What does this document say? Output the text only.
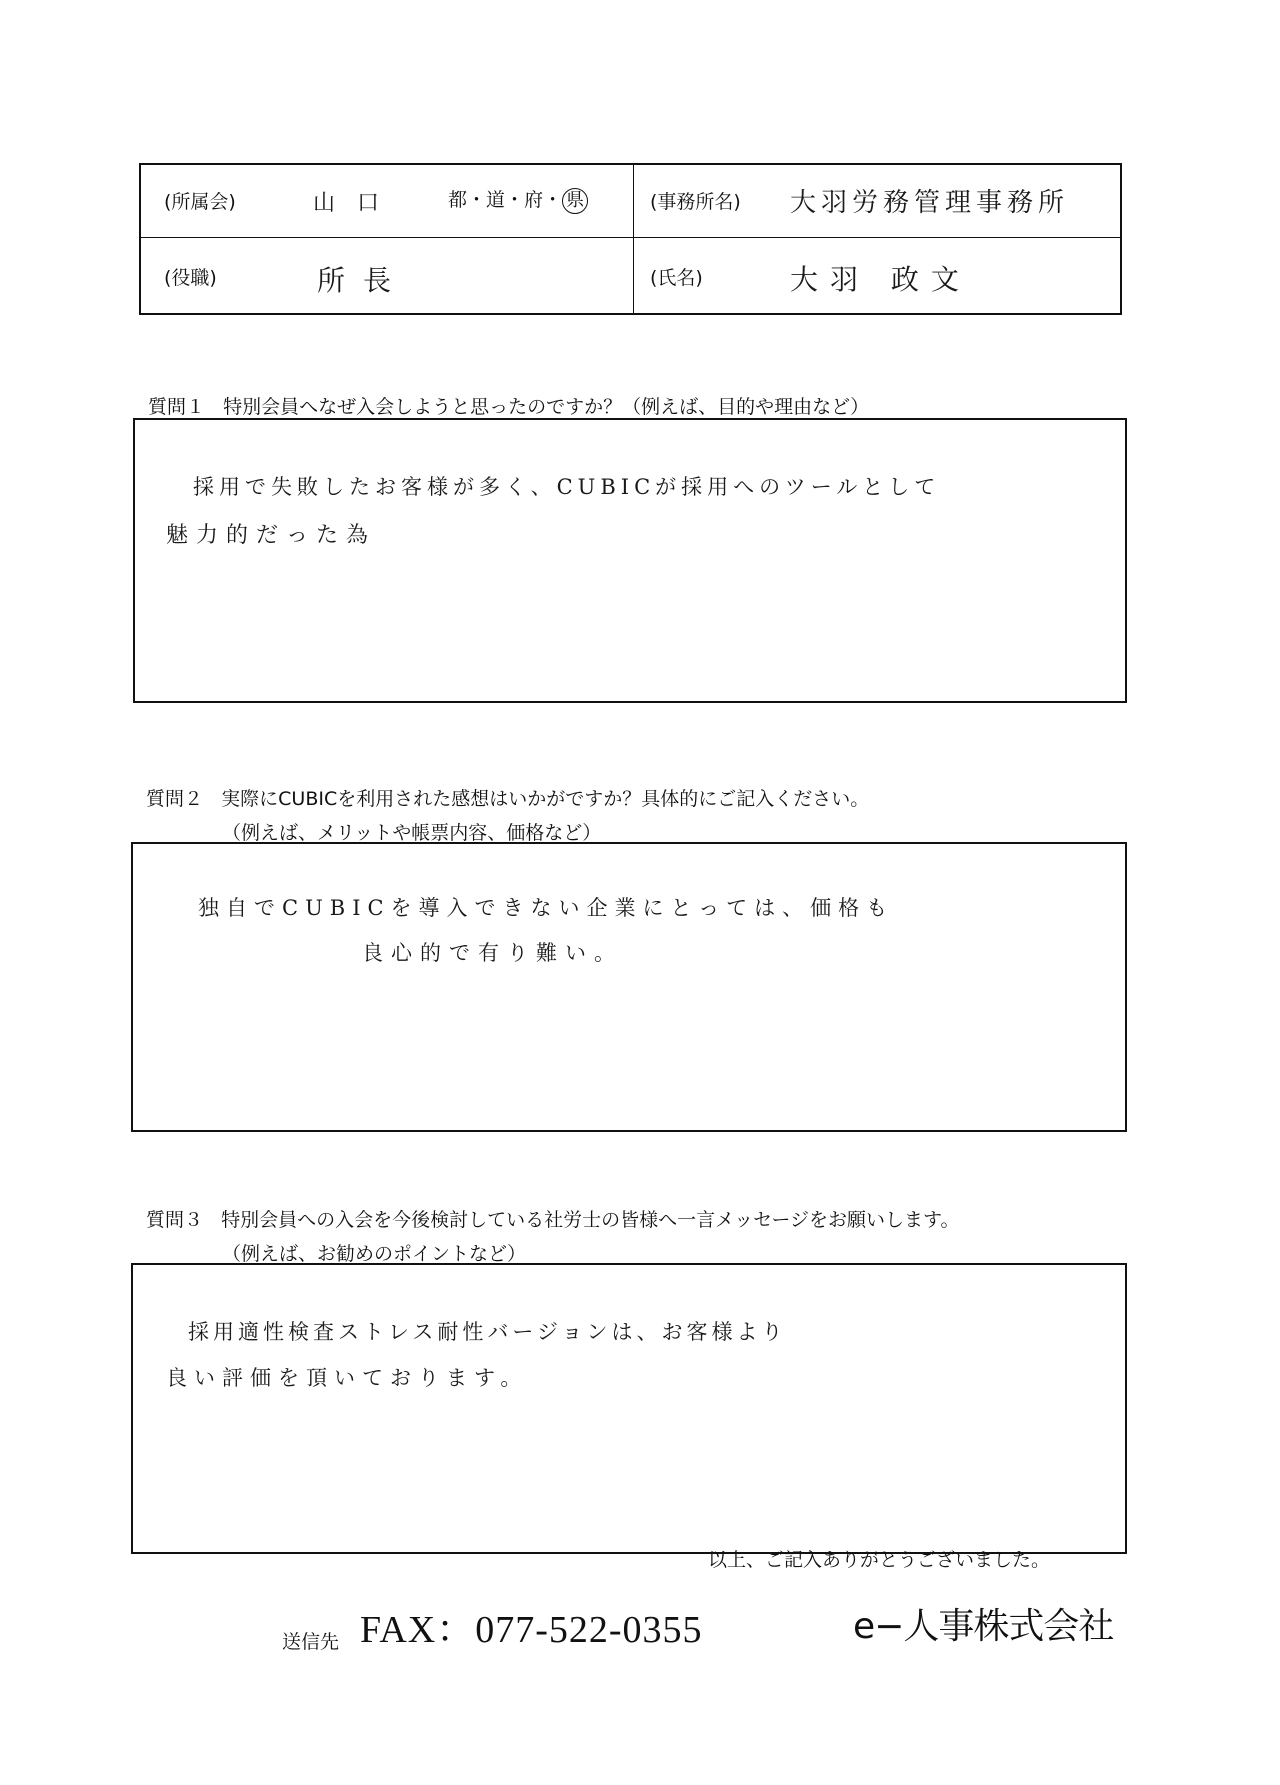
(所属会)	山口 都・道・府・ 県	(事務所名) 大羽労務管理事務所
(役職)	所長	(氏名)	大羽 政文
質問１ 特別会員へなぜ入会しようと思ったのですか？（例えば、目的や理由など）
採用で失敗したお客様が多く、CUBICが採用へのツールとして
魅力的だった為
質問２ 実際にCUBICを利用された感想はいかがですか？具体的にご記入ください。
（例えば、メリットや帳票内容、価格など）
独自でCUBICを導入できない企業にとっては、価格も
良心的で有り難い。
質問３ 特別会員への入会を今後検討している社労士の皆様へ一言メッセージをお願いします。
（例えば、お勧めのポイントなど）
採用適性検査ストレス耐性バージョンは、お客様より
良い評価を頂いております。
以上、ご記入ありがとうございました。
送信先 FAX：077-522-0355	e−人事株式会社
